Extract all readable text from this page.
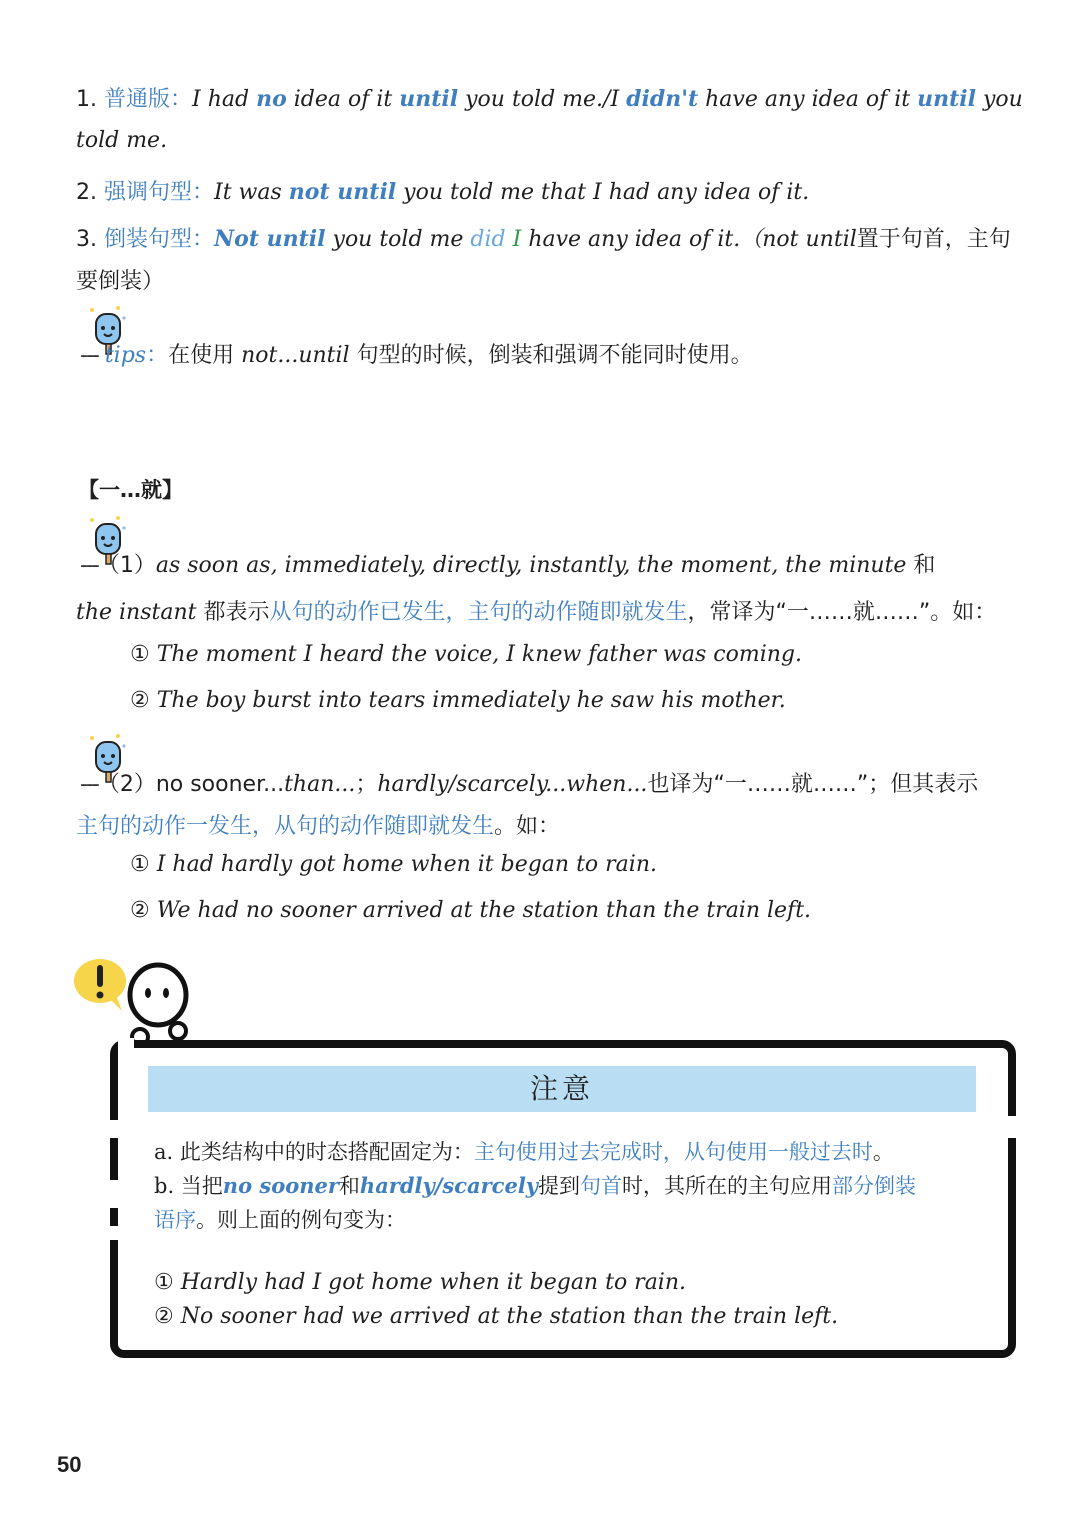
1. 普通版：I had no idea of it until you told me./I didn't have any idea of it until you
told me.
2. 强调句型：It was not until you told me that I had any idea of it.
3. 倒装句型：Not until you told me did I have any idea of it.（not until置于句首，主句
要倒装）
--- tips：在使用 not...until 句型的时候，倒装和强调不能同时使用。
【一…就】
---（1）as soon as, immediately, directly, instantly, the moment, the minute 和
the instant 都表示从句的动作已发生，主句的动作随即就发生，常译为“一……就……”。如：
① The moment I heard the voice, I knew father was coming.
② The boy burst into tears immediately he saw his mother.
---（2）no sooner...than...；hardly/scarcely...when...也译为“一……就……”；但其表示
主句的动作一发生，从句的动作随即就发生。如：
① I had hardly got home when it began to rain.
② We had no sooner arrived at the station than the train left.
注意
a. 此类结构中的时态搭配固定为：主句使用过去完成时，从句使用一般过去时。
b. 当把no sooner和hardly/scarcely提到句首时，其所在的主句应用部分倒装
语序。则上面的例句变为：
① Hardly had I got home when it began to rain.
② No sooner had we arrived at the station than the train left.
50
